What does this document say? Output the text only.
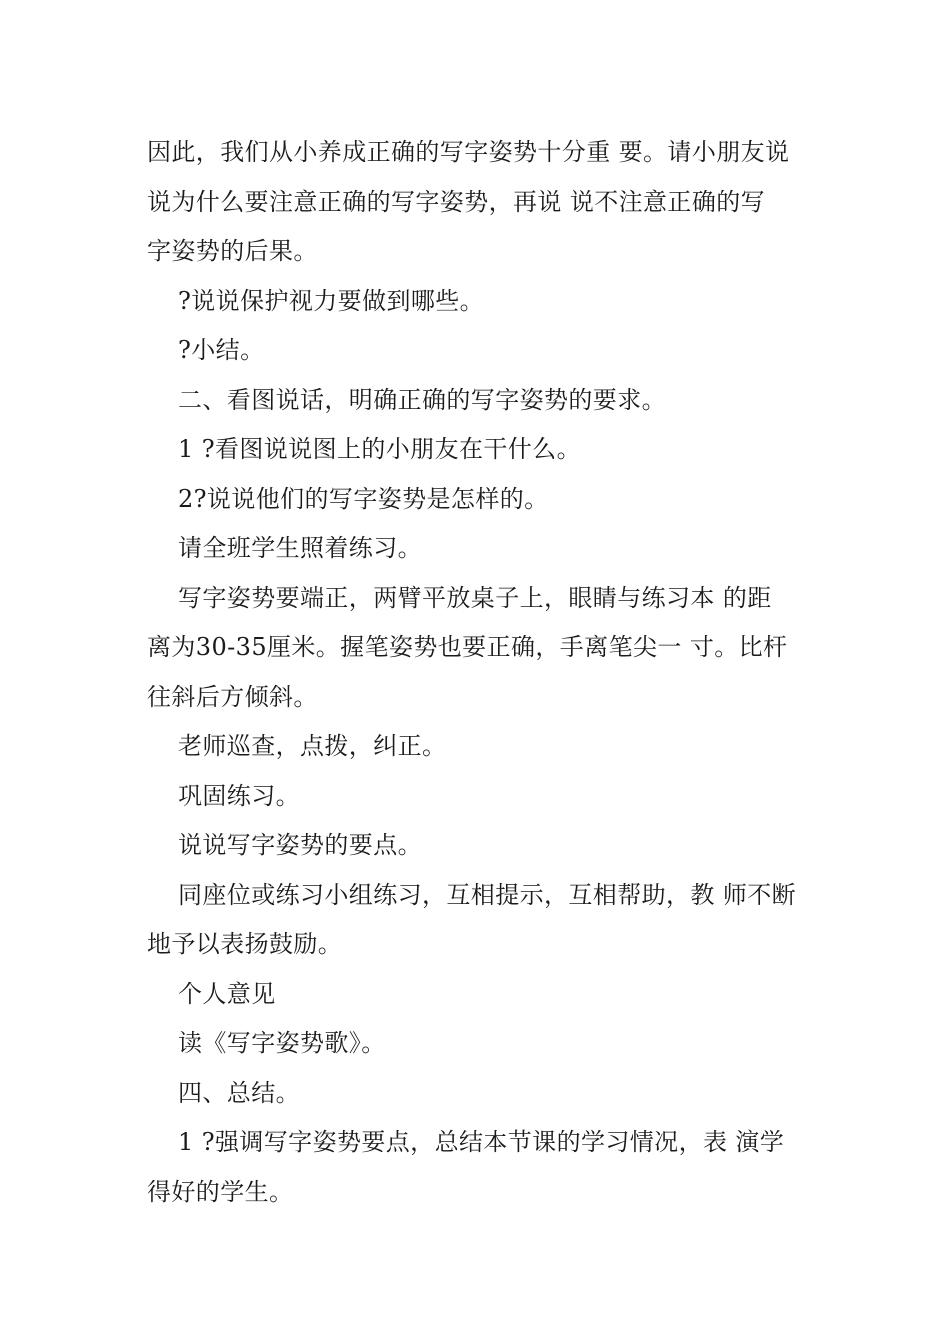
因此，我们从小养成正确的写字姿势十分重 要。请小朋友说
说为什么要注意正确的写字姿势，再说 说不注意正确的写
字姿势的后果。
?说说保护视力要做到哪些。
?小结。
二、看图说话，明确正确的写字姿势的要求。
1 ?看图说说图上的小朋友在干什么。
2?说说他们的写字姿势是怎样的。
请全班学生照着练习。
写字姿势要端正，两臂平放桌子上，眼睛与练习本 的距
离为30-35厘米。握笔姿势也要正确，手离笔尖一 寸。比杆
往斜后方倾斜。
老师巡查，点拨，纠正。
巩固练习。
说说写字姿势的要点。
同座位或练习小组练习，互相提示，互相帮助，教 师不断
地予以表扬鼓励。
个人意见
读《写字姿势歌》。
四、总结。
1 ?强调写字姿势要点，总结本节课的学习情况，表 演学
得好的学生。
